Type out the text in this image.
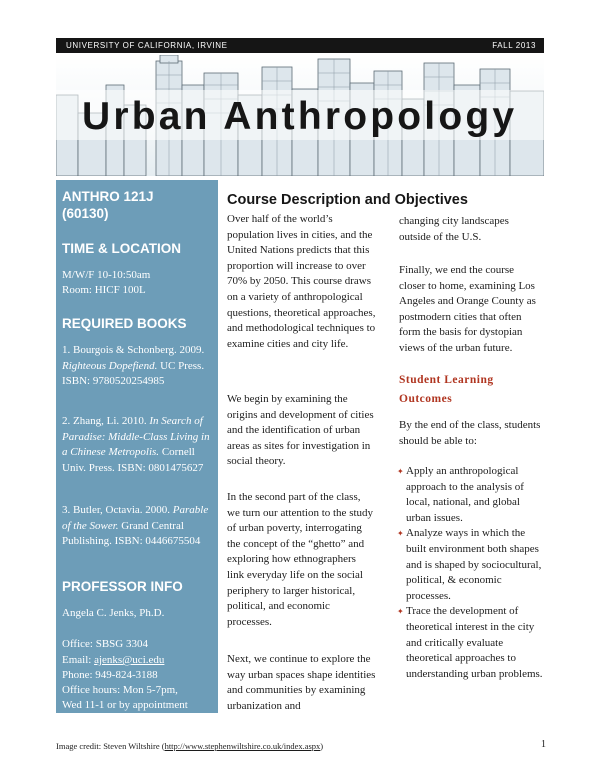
UNIVERSITY OF CALIFORNIA, IRVINE	FALL 2013
Urban Anthropology
ANTHRO 121J
(60130)
TIME & LOCATION
M/W/F 10-10:50am
Room: HICF 100L
REQUIRED BOOKS
1. Bourgois & Schonberg. 2009. Righteous Dopefiend. UC Press. ISBN: 9780520254985
2. Zhang, Li. 2010. In Search of Paradise: Middle-Class Living in a Chinese Metropolis. Cornell Univ. Press. ISBN: 0801475627
3. Butler, Octavia. 2000. Parable of the Sower. Grand Central Publishing. ISBN: 0446675504
PROFESSOR INFO
Angela C. Jenks, Ph.D.
Office: SBSG 3304
Email: ajenks@uci.edu
Phone: 949-824-3188
Office hours: Mon 5-7pm,
Wed 11-1 or by appointment
Course Description and Objectives
Over half of the world’s population lives in cities, and the United Nations predicts that this proportion will increase to over 70% by 2050. This course draws on a variety of anthropological questions, theoretical approaches, and methodological techniques to examine cities and city life.
We begin by examining the origins and development of cities and the identification of urban areas as sites for investigation in social theory.
In the second part of the class, we turn our attention to the study of urban poverty, interrogating the concept of the “ghetto” and exploring how ethnographers link everyday life on the social periphery to larger historical, political, and economic processes.
Next, we continue to explore the way urban spaces shape identities and communities by examining urbanization and
changing city landscapes outside of the U.S.
Finally, we end the course closer to home, examining Los Angeles and Orange County as postmodern cities that often form the basis for dystopian views of the urban future.
Student Learning Outcomes
By the end of the class, students should be able to:
✦ Apply an anthropological approach to the analysis of local, national, and global urban issues.
✦ Analyze ways in which the built environment both shapes and is shaped by sociocultural, political, & economic processes.
✦ Trace the development of theoretical interest in the city and critically evaluate theoretical approaches to understanding urban problems.
Image credit: Steven Wiltshire (http://www.stephenwiltshire.co.uk/index.aspx)	1
